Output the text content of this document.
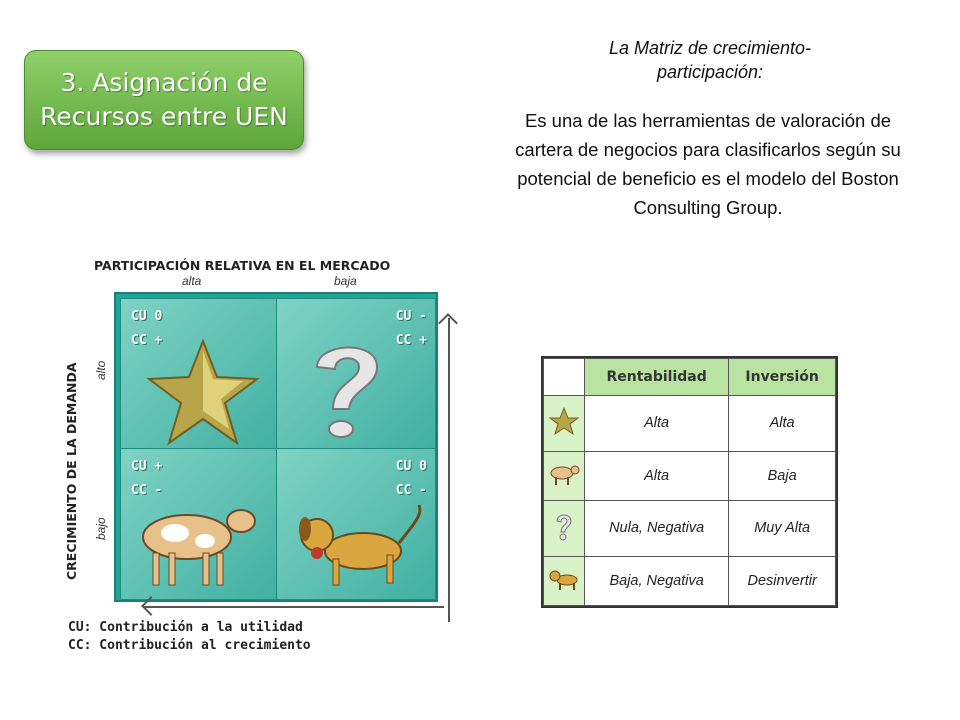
3. Asignación de
Recursos entre UEN
La Matriz de crecimiento-
participación:
Es una de las herramientas de valoración de cartera de negocios para clasificarlos según su potencial de beneficio es el modelo del Boston Consulting Group.
PARTICIPACIÓN RELATIVA EN EL MERCADO
alta	baja
CRECIMIENTO DE LA DEMANDA alto
bajo
CU 0
CC +
CU -
CC +
CU +
CC -
CU 0
CC -
CU: Contribución a la utilidad
CC: Contribución al crecimiento
	Rentabilidad	Inversión
	Alta	Alta
	Alta	Baja
	Nula, Negativa	Muy Alta
	Baja, Negativa	Desinvertir
